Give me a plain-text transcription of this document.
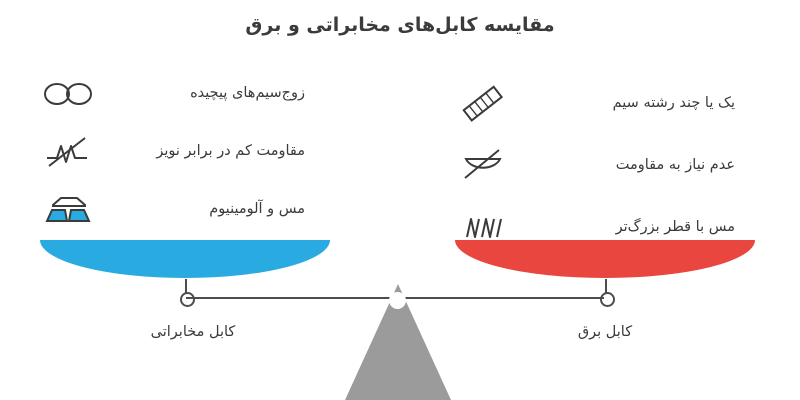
مقایسه کابل‌های مخابراتی و برق
زوج‌سیم‌های پیچیده
مقاومت کم در برابر نویز
مس و آلومینیوم
یک یا چند رشته سیم
عدم نیاز به مقاومت
مس با قطر بزرگ‌تر
کابل مخابراتی	کابل برق
